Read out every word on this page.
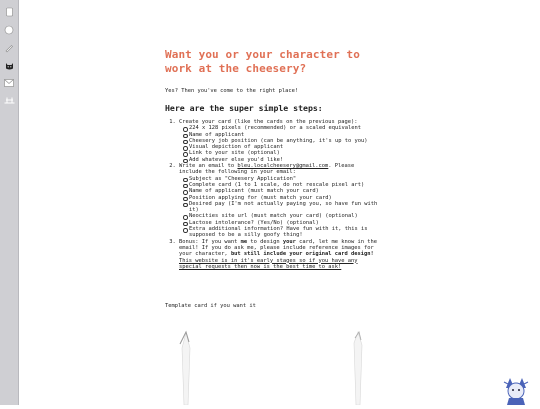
Want you or your character to
work at the cheesery?

Yes? Then you've come to the right place!

Here are the super simple steps:
1. Create your card (like the cards on the previous page):
224 x 128 pixels (recommended) or a scaled equivalent
Name of applicant
Cheesery job position (can be anything, it's up to you)
Visual depiction of applicant
Link to your site (optional)
Add whatever else you'd like!
2. Write an email to bleu.localcheesery@gmail.com. Please include the following in your email:
Subject as "Cheesery Application"
Complete card (1 to 1 scale, do not rescale pixel art)
Name of applicant (must match your card)
Position applying for (must match your card)
Desired pay (I'm not actually paying you, so have fun with it)
Neocities site url (must match your card) (optional)
Lactose intolerance? (Yes/No) (optional)
Extra additional information? Have fun with it, this is supposed to be a silly goofy thing!
3. Bonus: If you want me to design your card, let me know in the email! If you do ask me, please include reference images for your character, but still include your original card design! This website is in it's early stages so if you have any special requests then now is the best time to ask!
Template card if you want it
